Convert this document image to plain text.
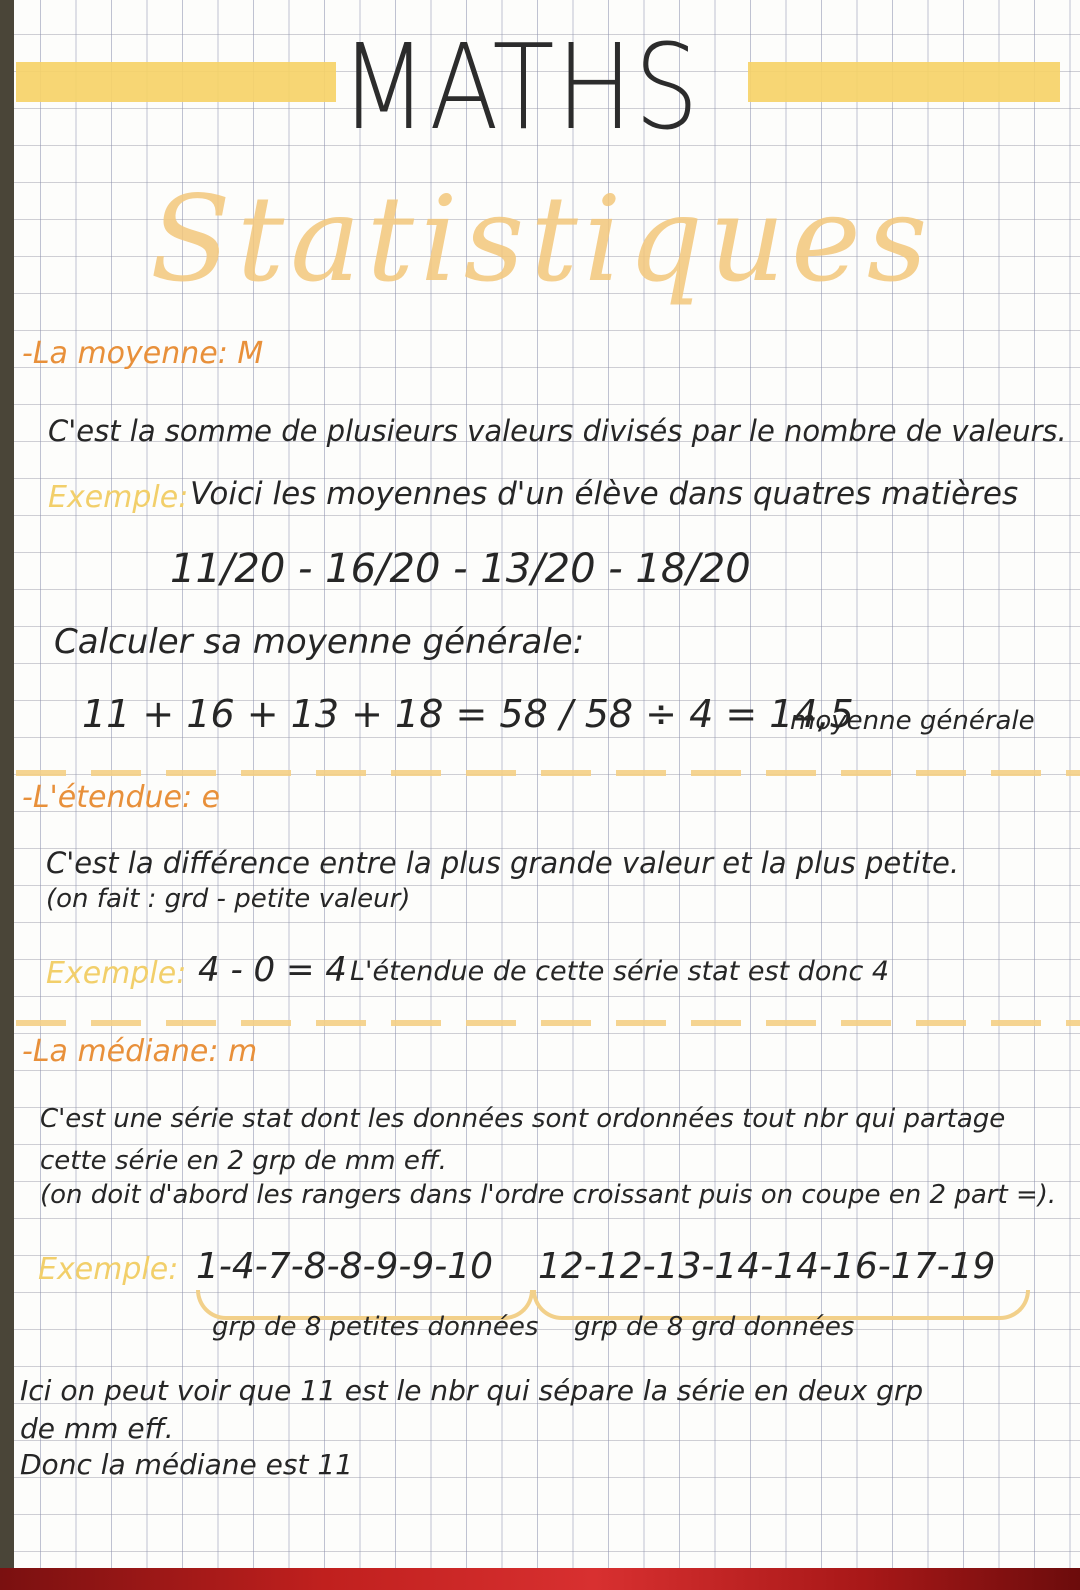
MATHS
Statistiques
-La moyenne: M
C'est la somme de plusieurs valeurs divisés par le nombre de valeurs.
Exemple: Voici les moyennes d'un élève dans quatres matières
11/20 - 16/20 - 13/20 - 18/20
Calculer sa moyenne générale:
11 + 16 + 13 + 18 = 58 / 58 ÷ 4 = 14,5
moyenne générale
-L'étendue: e
C'est la différence entre la plus grande valeur et la plus petite.
(on fait : grd - petite valeur)
Exemple: 4 - 0 = 4 L'étendue de cette série stat est donc 4
-La médiane: m
C'est une série stat dont les données sont ordonnées tout nbr qui partage
cette série en 2 grp de mm eff.
(on doit d'abord les rangers dans l'ordre croissant puis on coupe en 2 part =).
Exemple: 1-4-7-8-8-9-9-10 12-12-13-14-14-16-17-19
grp de 8 petites données grp de 8 grd données
Ici on peut voir que 11 est le nbr qui sépare la série en deux grp
de mm eff.
Donc la médiane est 11
